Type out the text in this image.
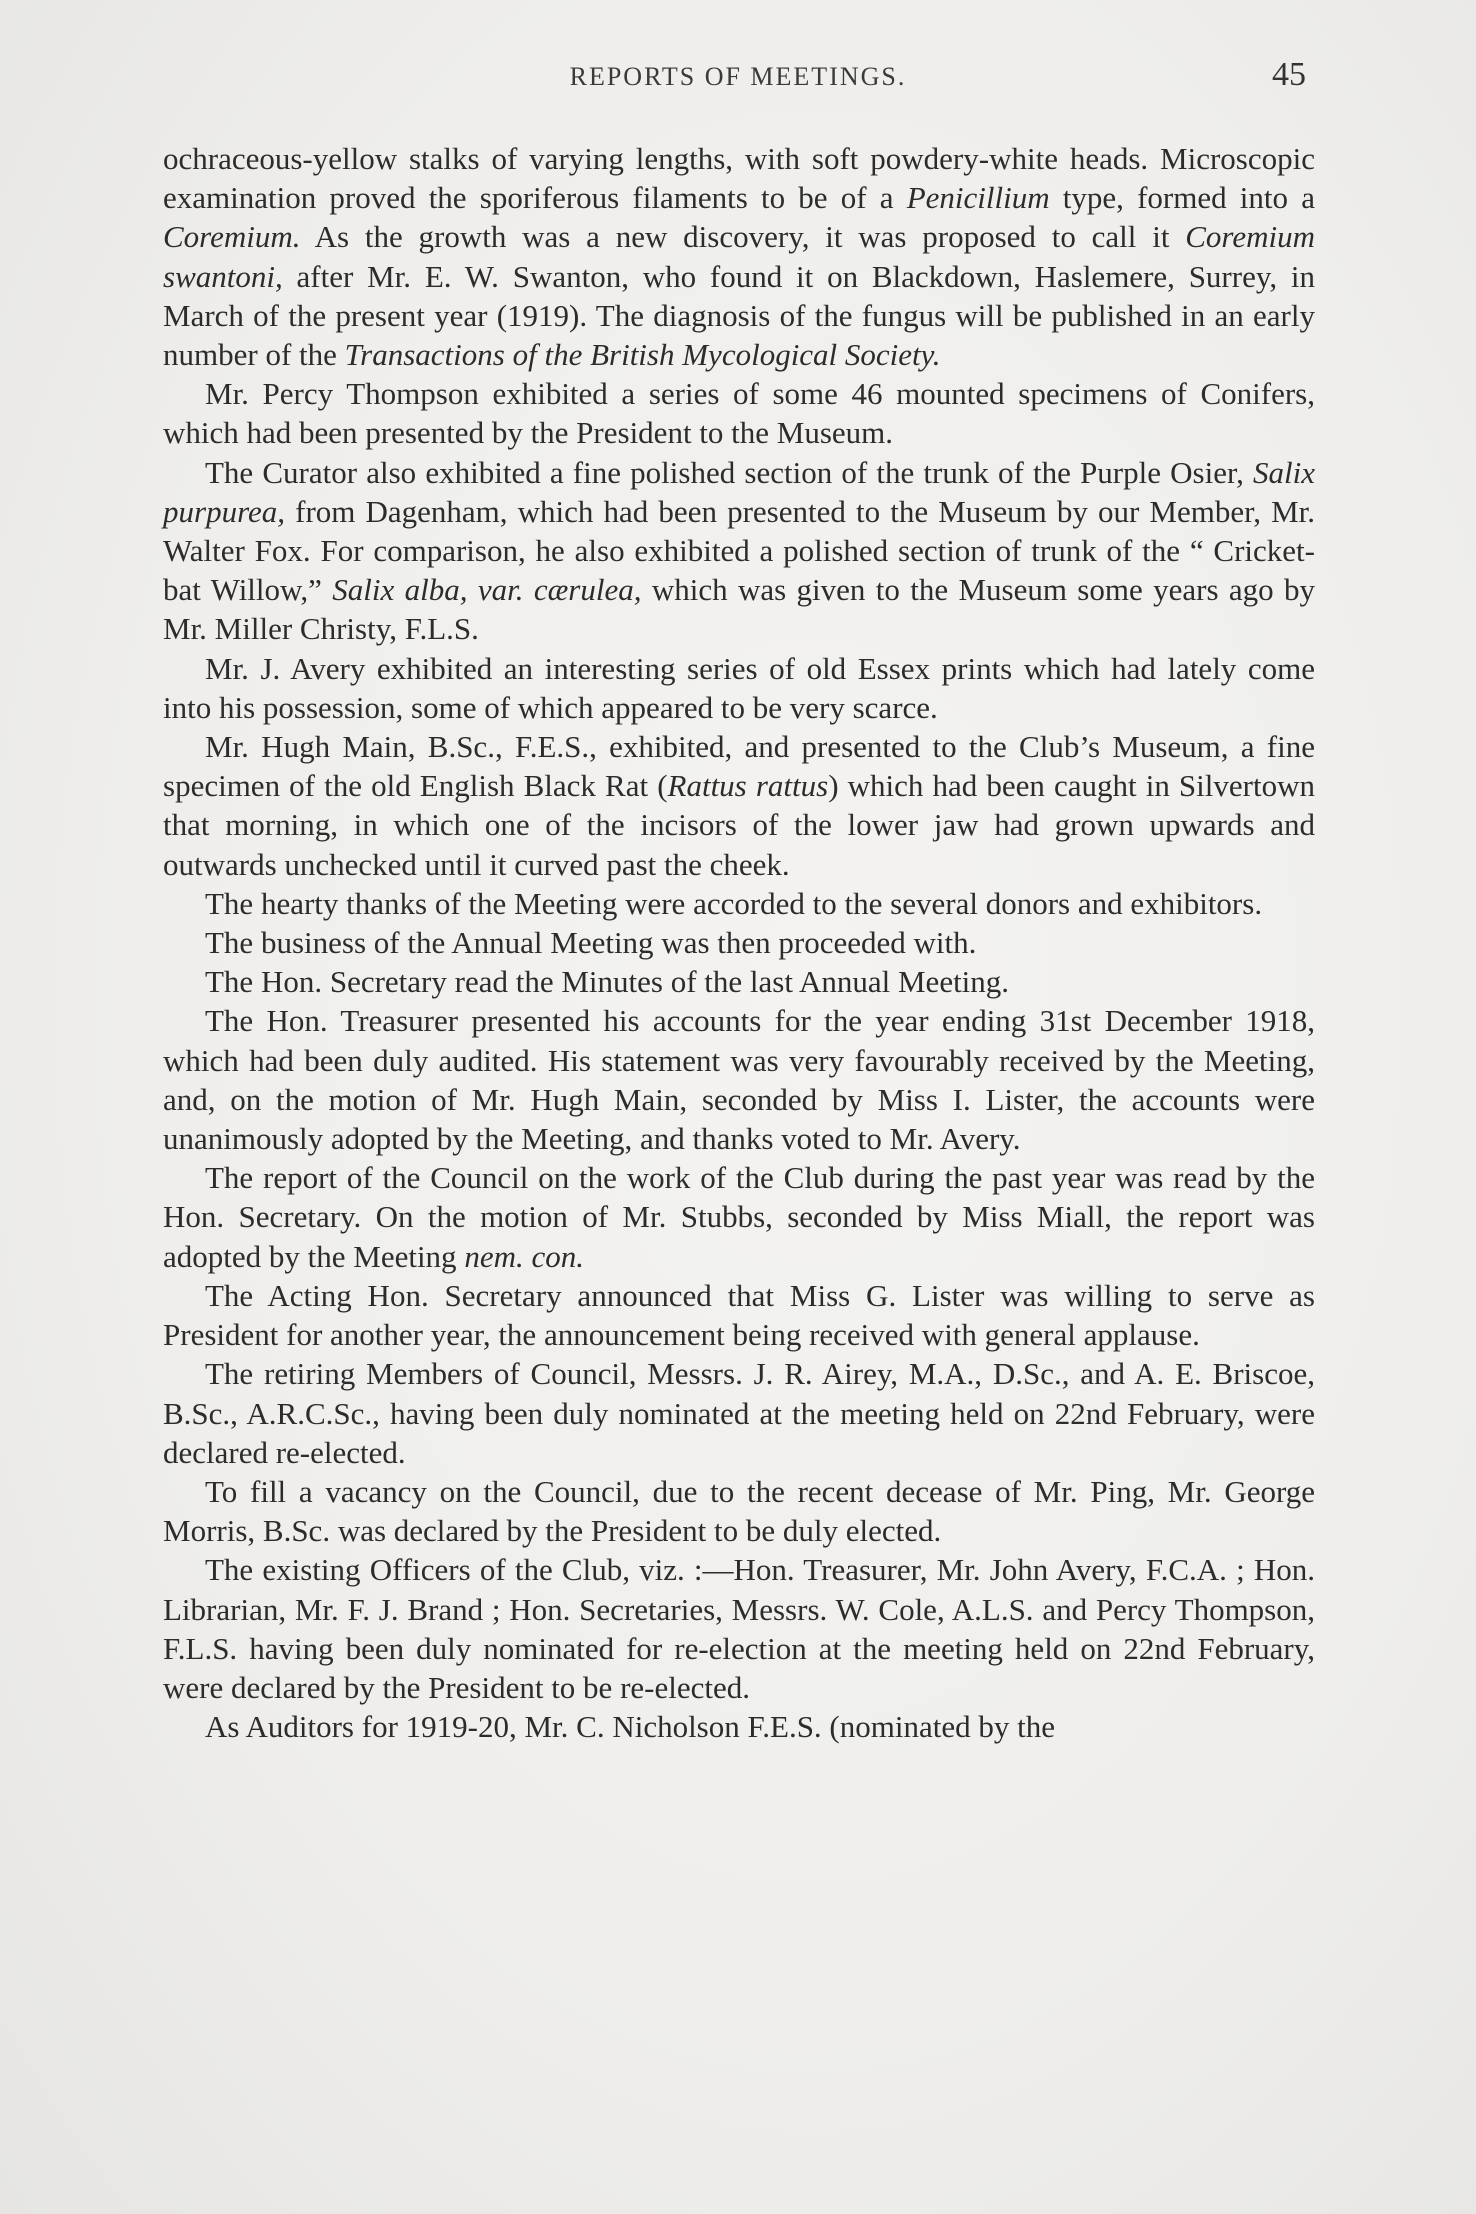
REPORTS OF MEETINGS.	45

ochraceous-yellow stalks of varying lengths, with soft powdery-white heads. Microscopic examination proved the sporiferous filaments to be of a Penicillium type, formed into a Coremium. As the growth was a new discovery, it was proposed to call it Coremium swantoni, after Mr. E. W. Swanton, who found it on Blackdown, Haslemere, Surrey, in March of the present year (1919). The diagnosis of the fungus will be published in an early number of the Transactions of the British Mycological Society.

Mr. Percy Thompson exhibited a series of some 46 mounted specimens of Conifers, which had been presented by the President to the Museum.

The Curator also exhibited a fine polished section of the trunk of the Purple Osier, Salix purpurea, from Dagenham, which had been presented to the Museum by our Member, Mr. Walter Fox. For comparison, he also exhibited a polished section of trunk of the “ Cricket-bat Willow,” Salix alba, var. cærulea, which was given to the Museum some years ago by Mr. Miller Christy, F.L.S.

Mr. J. Avery exhibited an interesting series of old Essex prints which had lately come into his possession, some of which appeared to be very scarce.

Mr. Hugh Main, B.Sc., F.E.S., exhibited, and presented to the Club’s Museum, a fine specimen of the old English Black Rat (Rattus rattus) which had been caught in Silvertown that morning, in which one of the incisors of the lower jaw had grown upwards and outwards unchecked until it curved past the cheek.

The hearty thanks of the Meeting were accorded to the several donors and exhibitors.

The business of the Annual Meeting was then proceeded with.

The Hon. Secretary read the Minutes of the last Annual Meeting.

The Hon. Treasurer presented his accounts for the year ending 31st December 1918, which had been duly audited. His statement was very favourably received by the Meeting, and, on the motion of Mr. Hugh Main, seconded by Miss I. Lister, the accounts were unanimously adopted by the Meeting, and thanks voted to Mr. Avery.

The report of the Council on the work of the Club during the past year was read by the Hon. Secretary. On the motion of Mr. Stubbs, seconded by Miss Miall, the report was adopted by the Meeting nem. con.

The Acting Hon. Secretary announced that Miss G. Lister was willing to serve as President for another year, the announcement being received with general applause.

The retiring Members of Council, Messrs. J. R. Airey, M.A., D.Sc., and A. E. Briscoe, B.Sc., A.R.C.Sc., having been duly nominated at the meeting held on 22nd February, were declared re-elected.

To fill a vacancy on the Council, due to the recent decease of Mr. Ping, Mr. George Morris, B.Sc. was declared by the President to be duly elected.

The existing Officers of the Club, viz. :—Hon. Treasurer, Mr. John Avery, F.C.A. ; Hon. Librarian, Mr. F. J. Brand ; Hon. Secretaries, Messrs. W. Cole, A.L.S. and Percy Thompson, F.L.S. having been duly nominated for re-election at the meeting held on 22nd February, were declared by the President to be re-elected.

As Auditors for 1919-20, Mr. C. Nicholson F.E.S. (nominated by the
